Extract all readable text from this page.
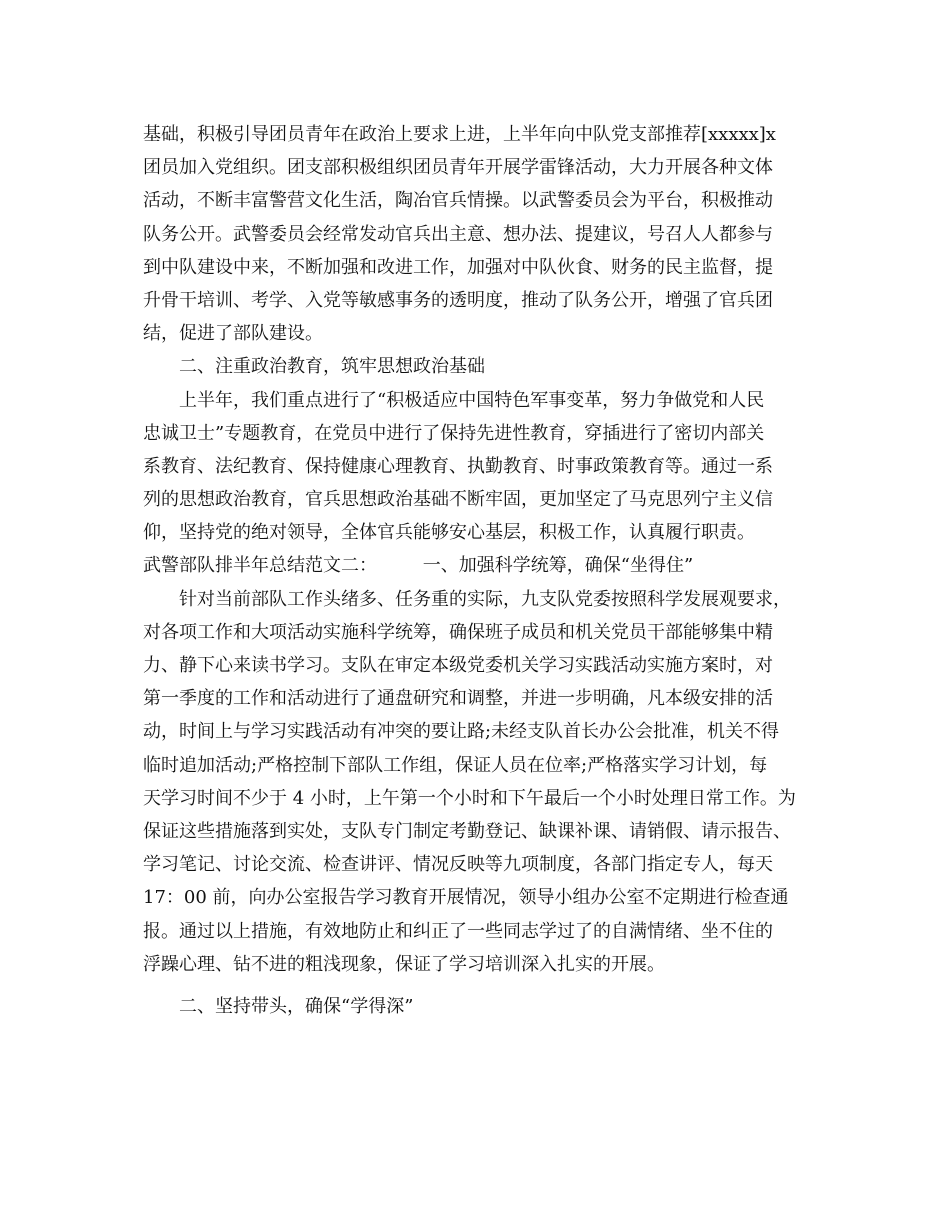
基础，积极引导团员青年在政治上要求上进，上半年向中队党支部推荐[xxxxx]x
团员加入党组织。团支部积极组织团员青年开展学雷锋活动，大力开展各种文体
活动，不断丰富警营文化生活，陶冶官兵情操。以武警委员会为平台，积极推动
队务公开。武警委员会经常发动官兵出主意、想办法、提建议，号召人人都参与
到中队建设中来，不断加强和改进工作，加强对中队伙食、财务的民主监督，提
升骨干培训、考学、入党等敏感事务的透明度，推动了队务公开，增强了官兵团
结，促进了部队建设。
二、注重政治教育，筑牢思想政治基础
上半年，我们重点进行了“积极适应中国特色军事变革，努力争做党和人民
忠诚卫士”专题教育，在党员中进行了保持先进性教育，穿插进行了密切内部关
系教育、法纪教育、保持健康心理教育、执勤教育、时事政策教育等。通过一系
列的思想政治教育，官兵思想政治基础不断牢固，更加坚定了马克思列宁主义信
仰，坚持党的绝对领导，全体官兵能够安心基层，积极工作，认真履行职责。
武警部队排半年总结范文二：        一、加强科学统筹，确保“坐得住”
针对当前部队工作头绪多、任务重的实际，九支队党委按照科学发展观要求，
对各项工作和大项活动实施科学统筹，确保班子成员和机关党员干部能够集中精
力、静下心来读书学习。支队在审定本级党委机关学习实践活动实施方案时，对
第一季度的工作和活动进行了通盘研究和调整，并进一步明确，凡本级安排的活
动，时间上与学习实践活动有冲突的要让路;未经支队首长办公会批准，机关不得
临时追加活动;严格控制下部队工作组，保证人员在位率;严格落实学习计划，每
天学习时间不少于 4 小时，上午第一个小时和下午最后一个小时处理日常工作。为
保证这些措施落到实处，支队专门制定考勤登记、缺课补课、请销假、请示报告、
学习笔记、讨论交流、检查讲评、情况反映等九项制度，各部门指定专人，每天
17：00 前，向办公室报告学习教育开展情况，领导小组办公室不定期进行检查通
报。通过以上措施，有效地防止和纠正了一些同志学过了的自满情绪、坐不住的
浮躁心理、钻不进的粗浅现象，保证了学习培训深入扎实的开展。
二、坚持带头，确保“学得深”
